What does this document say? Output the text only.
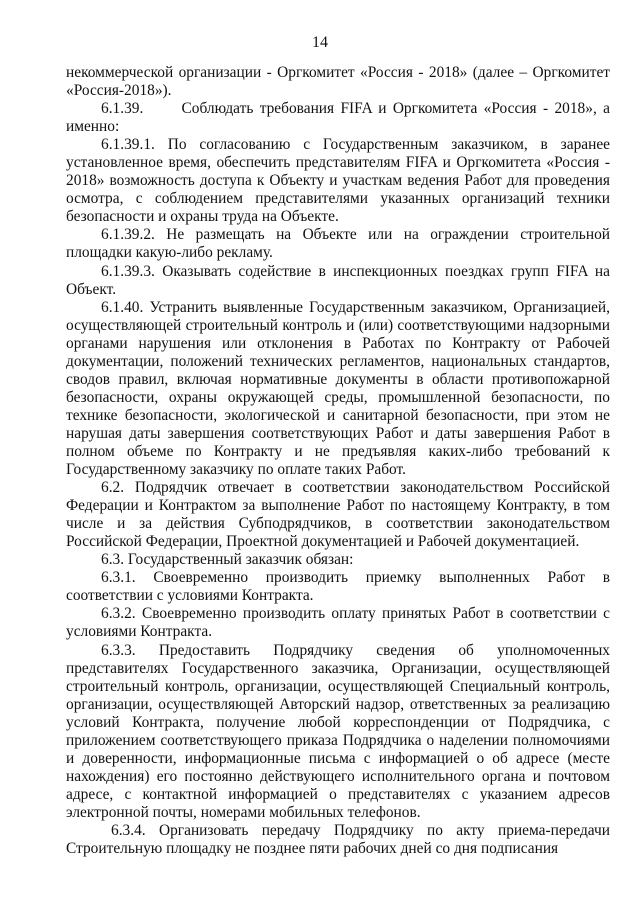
14

некоммерческой организации - Оргкомитет «Россия - 2018» (далее – Оргкомитет «Россия-2018»).

6.1.39.      Соблюдать требования FIFA и Оргкомитета «Россия - 2018», а именно:

6.1.39.1. По согласованию с Государственным заказчиком, в заранее установленное время, обеспечить представителям FIFA и Оргкомитета «Россия - 2018» возможность доступа к Объекту и участкам ведения Работ для проведения осмотра, с соблюдением представителями указанных организаций техники безопасности и охраны труда на Объекте.

6.1.39.2. Не размещать на Объекте или на ограждении строительной площадки какую-либо рекламу.

6.1.39.3. Оказывать содействие в инспекционных поездках групп FIFA на Объект.

6.1.40. Устранить выявленные Государственным заказчиком, Организацией, осуществляющей строительный контроль и (или) соответствующими надзорными органами нарушения или отклонения в Работах по Контракту от Рабочей документации, положений технических регламентов, национальных стандартов, сводов правил, включая нормативные документы в области противопожарной безопасности, охраны окружающей среды, промышленной безопасности, по технике безопасности, экологической и санитарной безопасности, при этом не нарушая даты завершения соответствующих Работ и даты завершения Работ в полном объеме по Контракту и не предъявляя каких-либо требований к Государственному заказчику по оплате таких Работ.

6.2. Подрядчик отвечает в соответствии законодательством Российской Федерации и Контрактом за выполнение Работ по настоящему Контракту, в том числе и за действия Субподрядчиков, в соответствии законодательством Российской Федерации, Проектной документацией и Рабочей документацией.

6.3. Государственный заказчик обязан:

6.3.1. Своевременно производить приемку выполненных Работ в соответствии с условиями Контракта.

6.3.2. Своевременно производить оплату принятых Работ в соответствии с условиями Контракта.

6.3.3. Предоставить Подрядчику сведения об уполномоченных представителях Государственного заказчика, Организации, осуществляющей строительный контроль, организации, осуществляющей Специальный контроль, организации, осуществляющей Авторский надзор, ответственных за реализацию условий Контракта, получение любой корреспонденции от Подрядчика, с приложением соответствующего приказа Подрядчика о наделении полномочиями и доверенности, информационные письма с информацией о об адресе (месте нахождения) его постоянно действующего исполнительного органа и почтовом адресе, с контактной информацией о представителях с указанием адресов электронной почты, номерами мобильных телефонов.

6.3.4. Организовать передачу Подрядчику по акту приема-передачи Строительную площадку не позднее пяти рабочих дней со дня подписания
